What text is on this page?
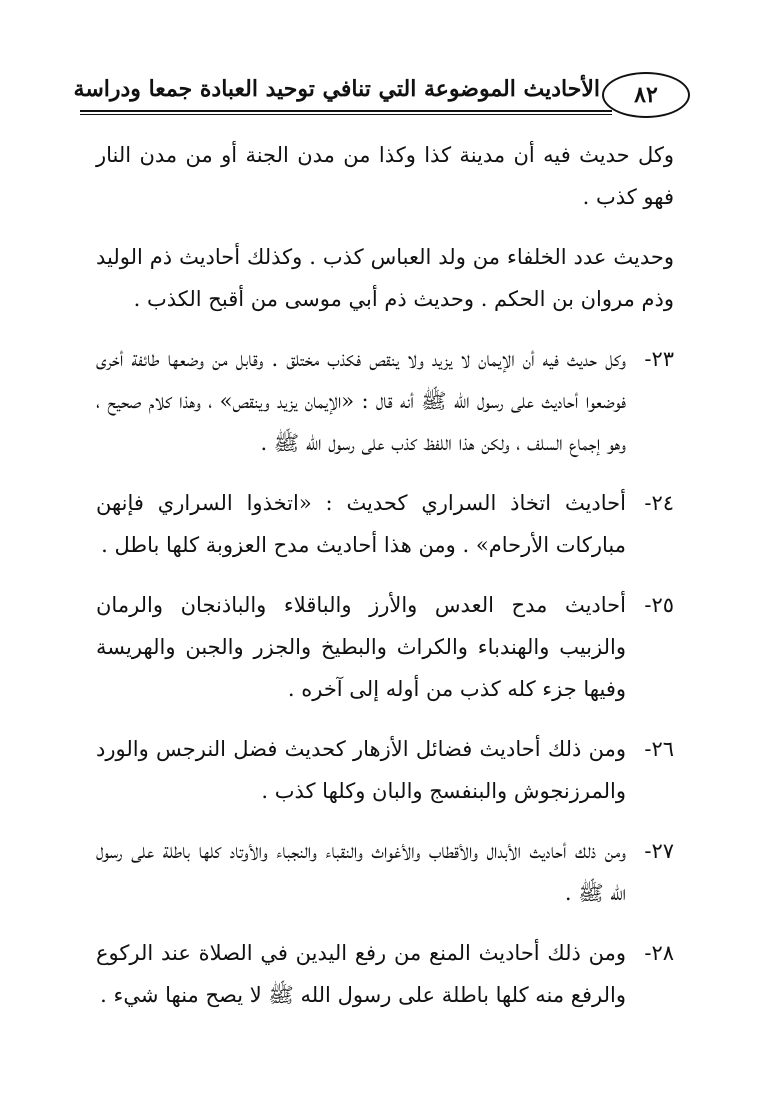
الأحاديث الموضوعة التي تنافي توحيد العبادة جمعا ودراسة	٨٢

وكل حديث فيه أن مدينة كذا وكذا من مدن الجنة أو من مدن النار فهو كذب .

وحديث عدد الخلفاء من ولد العباس كذب . وكذلك أحاديث ذم الوليد وذم مروان بن الحكم . وحديث ذم أبي موسى من أقبح الكذب .

٢٣-
وكل حديث فيه أن الإيمان لا يزيد ولا ينقص فكذب مختلق . وقابل من وضعها طائفة أخرى فوضعوا أحاديث على رسول الله ﷺ أنه قال : «الإيمان يزيد وينقص» ، وهذا كلام صحيح ، وهو إجماع السلف ، ولكن هذا اللفظ كذب على رسول الله ﷺ .
٢٤-
أحاديث اتخاذ السراري كحديث : «اتخذوا السراري فإنهن مباركات الأرحام» . ومن هذا أحاديث مدح العزوبة كلها باطل .
٢٥-
أحاديث مدح العدس والأرز والباقلاء والباذنجان والرمان والزبيب والهندباء والكراث والبطيخ والجزر والجبن والهريسة وفيها جزء كله كذب من أوله إلى آخره .
٢٦-
ومن ذلك أحاديث فضائل الأزهار كحديث فضل النرجس والورد والمرزنجوش والبنفسج والبان وكلها كذب .
٢٧-
ومن ذلك أحاديث الأبدال والأقطاب والأغواث والنقباء والنجباء والأوتاد كلها باطلة على رسول الله ﷺ .
٢٨-
ومن ذلك أحاديث المنع من رفع اليدين في الصلاة عند الركوع والرفع منه كلها باطلة على رسول الله ﷺ لا يصح منها شيء .
